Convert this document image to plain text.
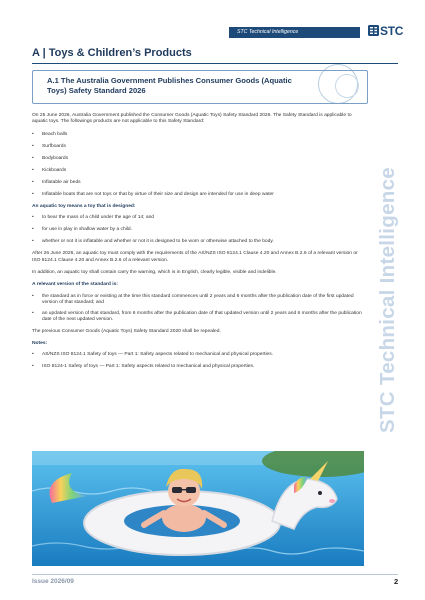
STC Technical Intelligence	STC
A | Toys & Children’s Products
A.1 The Australia Government Publishes Consumer Goods (Aquatic Toys) Safety Standard 2026
STC Technical Intelligence

On 25 June 2026, Australia Government published the Consumer Goods (Aquatic Toys) Safety Standard 2026. The Safety Standard is applicable to aquatic toys. The followings products are not applicable to this Safety Standard:

• Beach balls
• Surfboards
• Bodyboards
• Kickboards
• Inflatable air beds
• Inflatable boats that are not toys or that by virtue of their size and design are intended for use in deep water

An aquatic toy means a toy that is designed:

• to bear the mass of a child under the age of 14; and
• for use in play in shallow water by a child.
• whether or not it is inflatable and whether or not it is designed to be worn or otherwise attached to the body.

After 26 June 2026, an aquatic toy must comply with the requirements of the AS/NZS ISO 8124.1 Clause 4.20 and Annex B.2.6 of a relevant version or ISO 8124.1 Clause 4.20 and Annex B.2.6 of a relevant version.

In addition, an aquatic toy shall contain carry the warning, which is in English, clearly legible, visible and indelible.

A relevant version of the standard is:

• the standard as in force or existing at the time this standard commences until 2 years and 6 months after the publication date of the first updated version of that standard; and
• an updated version of that standard, from 6 months after the publication date of that updated version until 2 years and 6 months after the publication date of the next updated version.

The previous Consumer Goods (Aquatic Toys) Safety Standard 2020 shall be repealed.

Notes:

• AS/NZS ISO 8124.1 Safety of toys — Part 1: Safety aspects related to mechanical and physical properties.
• ISO 8124-1 Safety of toys — Part 1: Safety aspects related to mechanical and physical properties.
Issue 2026/09	2
